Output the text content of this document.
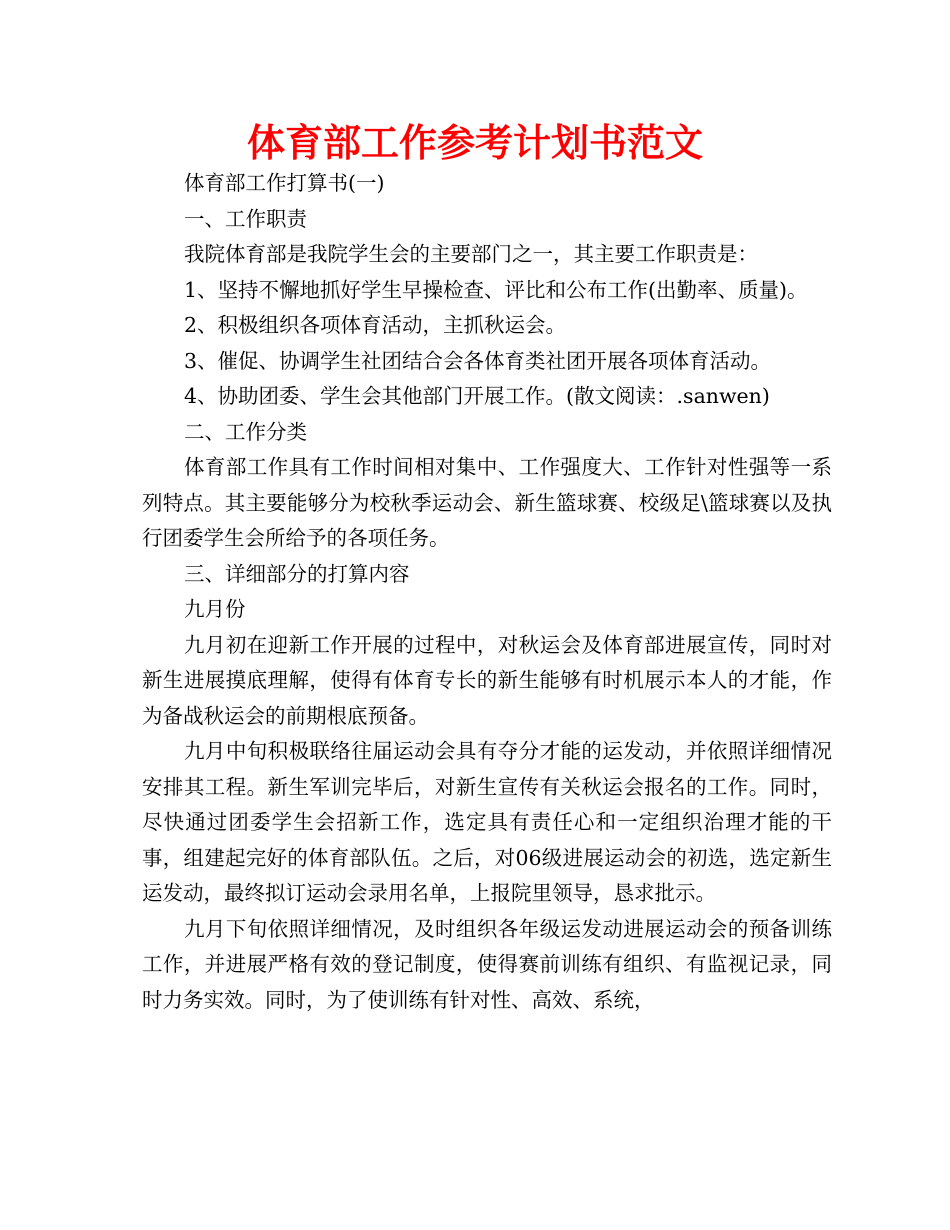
体育部工作参考计划书范文

体育部工作打算书(一)

一、工作职责

我院体育部是我院学生会的主要部门之一，其主要工作职责是：

1、坚持不懈地抓好学生早操检查、评比和公布工作(出勤率、质量)。

2、积极组织各项体育活动，主抓秋运会。

3、催促、协调学生社团结合会各体育类社团开展各项体育活动。

4、协助团委、学生会其他部门开展工作。(散文阅读：.sanwen)

二、工作分类

体育部工作具有工作时间相对集中、工作强度大、工作针对性强等一系列特点。其主要能够分为校秋季运动会、新生篮球赛、校级足\篮球赛以及执行团委学生会所给予的各项任务。

三、详细部分的打算内容

九月份

九月初在迎新工作开展的过程中，对秋运会及体育部进展宣传，同时对新生进展摸底理解，使得有体育专长的新生能够有时机展示本人的才能，作为备战秋运会的前期根底预备。

九月中旬积极联络往届运动会具有夺分才能的运发动，并依照详细情况安排其工程。新生军训完毕后，对新生宣传有关秋运会报名的工作。同时，尽快通过团委学生会招新工作，选定具有责任心和一定组织治理才能的干事，组建起完好的体育部队伍。之后，对06级进展运动会的初选，选定新生运发动，最终拟订运动会录用名单，上报院里领导，恳求批示。

九月下旬依照详细情况，及时组织各年级运发动进展运动会的预备训练工作，并进展严格有效的登记制度，使得赛前训练有组织、有监视记录，同时力务实效。同时，为了使训练有针对性、高效、系统，
